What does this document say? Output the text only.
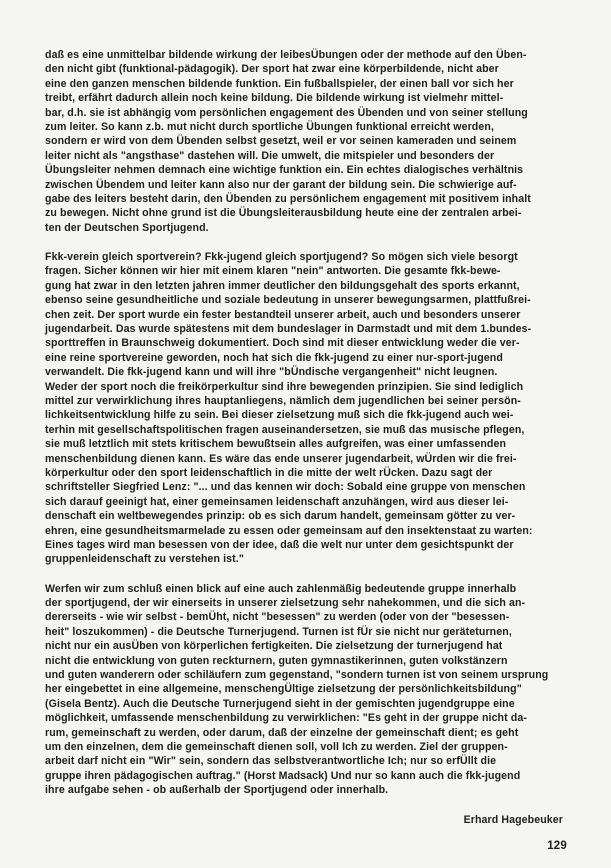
daß es eine unmittelbar bildende wirkung der leibesÜbungen oder der methode auf den Üben-
den nicht gibt (funktional-pädagogik). Der sport hat zwar eine körperbildende, nicht aber
eine den ganzen menschen bildende funktion. Ein fußballspieler, der einen ball vor sich her
treibt, erfährt dadurch allein noch keine bildung. Die bildende wirkung ist vielmehr mittel-
bar, d.h. sie ist abhängig vom persönlichen engagement des Übenden und von seiner stellung
zum leiter. So kann z.b. mut nicht durch sportliche Übungen funktional erreicht werden,
sondern er wird von dem Übenden selbst gesetzt, weil er vor seinen kameraden und seinem
leiter nicht als "angsthase" dastehen will. Die umwelt, die mitspieler und besonders der
Übungsleiter nehmen demnach eine wichtige funktion ein. Ein echtes dialogisches verhältnis
zwischen Übendem und leiter kann also nur der garant der bildung sein. Die schwierige auf-
gabe des leiters besteht darin, den Übenden zu persönlichem engagement mit positivem inhalt
zu bewegen. Nicht ohne grund ist die Übungsleiterausbildung heute eine der zentralen arbei-
ten der Deutschen Sportjugend.
Fkk-verein gleich sportverein? Fkk-jugend gleich sportjugend? So mögen sich viele besorgt
fragen. Sicher können wir hier mit einem klaren "nein" antworten. Die gesamte fkk-bewe-
gung hat zwar in den letzten jahren immer deutlicher den bildungsgehalt des sports erkannt,
ebenso seine gesundheitliche und soziale bedeutung in unserer bewegungsarmen, plattfußrei-
chen zeit. Der sport wurde ein fester bestandteil unserer arbeit, auch und besonders unserer
jugendarbeit. Das wurde spätestens mit dem bundeslager in Darmstadt und mit dem 1.bundes-
sporttreffen in Braunschweig dokumentiert. Doch sind mit dieser entwicklung weder die ver-
eine reine sportvereine geworden, noch hat sich die fkk-jugend zu einer nur-sport-jugend
verwandelt. Die fkk-jugend kann und will ihre "bÜndische vergangenheit" nicht leugnen.
Weder der sport noch die freikörperkultur sind ihre bewegenden prinzipien. Sie sind lediglich
mittel zur verwirklichung ihres hauptanliegens, nämlich dem jugendlichen bei seiner persön-
lichkeitsentwicklung hilfe zu sein. Bei dieser zielsetzung muß sich die fkk-jugend auch wei-
terhin mit gesellschaftspolitischen fragen auseinandersetzen, sie muß das musische pflegen,
sie muß letztlich mit stets kritischem bewußtsein alles aufgreifen, was einer umfassenden
menschenbildung dienen kann. Es wäre das ende unserer jugendarbeit, wÜrden wir die frei-
körperkultur oder den sport leidenschaftlich in die mitte der welt rÜcken. Dazu sagt der
schriftsteller Siegfried Lenz: "... und das kennen wir doch: Sobald eine gruppe von menschen
sich darauf geeinigt hat, einer gemeinsamen leidenschaft anzuhängen, wird aus dieser lei-
denschaft ein weltbewegendes prinzip: ob es sich darum handelt, gemeinsam götter zu ver-
ehren, eine gesundheitsmarmelade zu essen oder gemeinsam auf den insektenstaat zu warten:
Eines tages wird man besessen von der idee, daß die welt nur unter dem gesichtspunkt der
gruppenleidenschaft zu verstehen ist."
Werfen wir zum schluß einen blick auf eine auch zahlenmäßig bedeutende gruppe innerhalb
der sportjugend, der wir einerseits in unserer zielsetzung sehr nahekommen, und die sich an-
dererseits - wie wir selbst - bemÜht, nicht "besessen" zu werden (oder von der "besessen-
heit" loszukommen) - die Deutsche Turnerjugend. Turnen ist fÜr sie nicht nur geräteturnen,
nicht nur ein ausÜben von körperlichen fertigkeiten. Die zielsetzung der turnerjugend hat
nicht die entwicklung von guten reckturnern, guten gymnastikerinnen, guten volkstänzern
und guten wanderern oder schiläufern zum gegenstand, "sondern turnen ist von seinem ursprung
her eingebettet in eine allgemeine, menschengÜltige zielsetzung der persönlichkeitsbildung"
(Gisela Bentz). Auch die Deutsche Turnerjugend sieht in der gemischten jugendgruppe eine
möglichkeit, umfassende menschenbildung zu verwirklichen: "Es geht in der gruppe nicht da-
rum, gemeinschaft zu werden, oder darum, daß der einzelne der gemeinschaft dient; es geht
um den einzelnen, dem die gemeinschaft dienen soll, voll Ich zu werden. Ziel der gruppen-
arbeit darf nicht ein "Wir" sein, sondern das selbstverantwortliche Ich; nur so erfÜllt die
gruppe ihren pädagogischen auftrag." (Horst Madsack) Und nur so kann auch die fkk-jugend
ihre aufgabe sehen - ob außerhalb der Sportjugend oder innerhalb.
Erhard Hagebeuker
129
